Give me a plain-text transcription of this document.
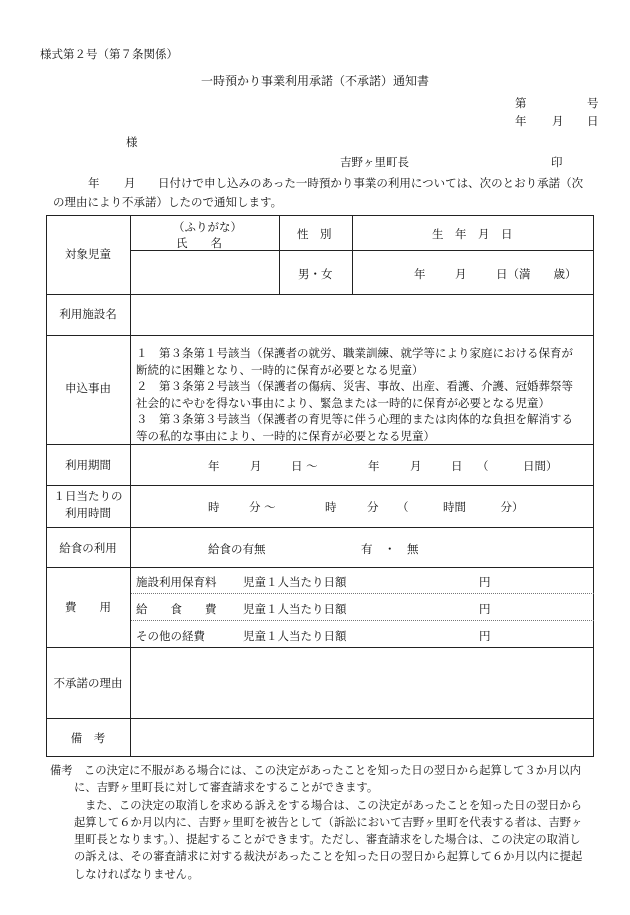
様式第２号（第７条関係）
一時預かり事業利用承諾（不承諾）通知書
第	号
年 月 日
様
吉野ヶ里町長	印
年 月 日付けで申し込みのあった一時預かり事業の利用については、次のとおり承諾（次
の理由により不承諾）したので通知します。
対象児童
（ふりがな）
氏　　名
性　別	生　年　月　日
男・女	年	月	日（満　　歳）
利用施設名
申込事由

１　第３条第１号該当（保護者の就労、職業訓練、就学等により家庭における保育が

断続的に困難となり、一時的に保育が必要となる児童）

２　第３条第２号該当（保護者の傷病、災害、事故、出産、看護、介護、冠婚葬祭等

社会的にやむを得ない事由により、緊急または一時的に保育が必要となる児童）

３　第３条第３号該当（保護者の育児等に伴う心理的または肉体的な負担を解消する

等の私的な事由により、一時的に保育が必要となる児童）

利用期間	年	月	日 〜	年	月	日 （　　　日間）
１日当たりの
利用時間	時	分 〜	時	分 （　　　時間　　　分）
給食の利用	給食の有無	有　・　無
費　　用
施設利用保育料 児童１人当たり日額	円
給　　食　　費 児童１人当たり日額	円
その他の経費	児童１人当たり日額	円
不承諾の理由
備　考

備考　 この決定に不服がある場合には、この決定があったことを知った日の翌日から起算して３か月以内

に、吉野ヶ里町長に対して審査請求をすることができます。

また、この決定の取消しを求める訴えをする場合は、この決定があったことを知った日の翌日から

起算して６か月以内に、吉野ヶ里町を被告として（訴訟において吉野ヶ里町を代表する者は、吉野ヶ

里町長となります。）、提起することができます。ただし、審査請求をした場合は、この決定の取消し

の訴えは、その審査請求に対する裁決があったことを知った日の翌日から起算して６か月以内に提起

しなければなりません。
